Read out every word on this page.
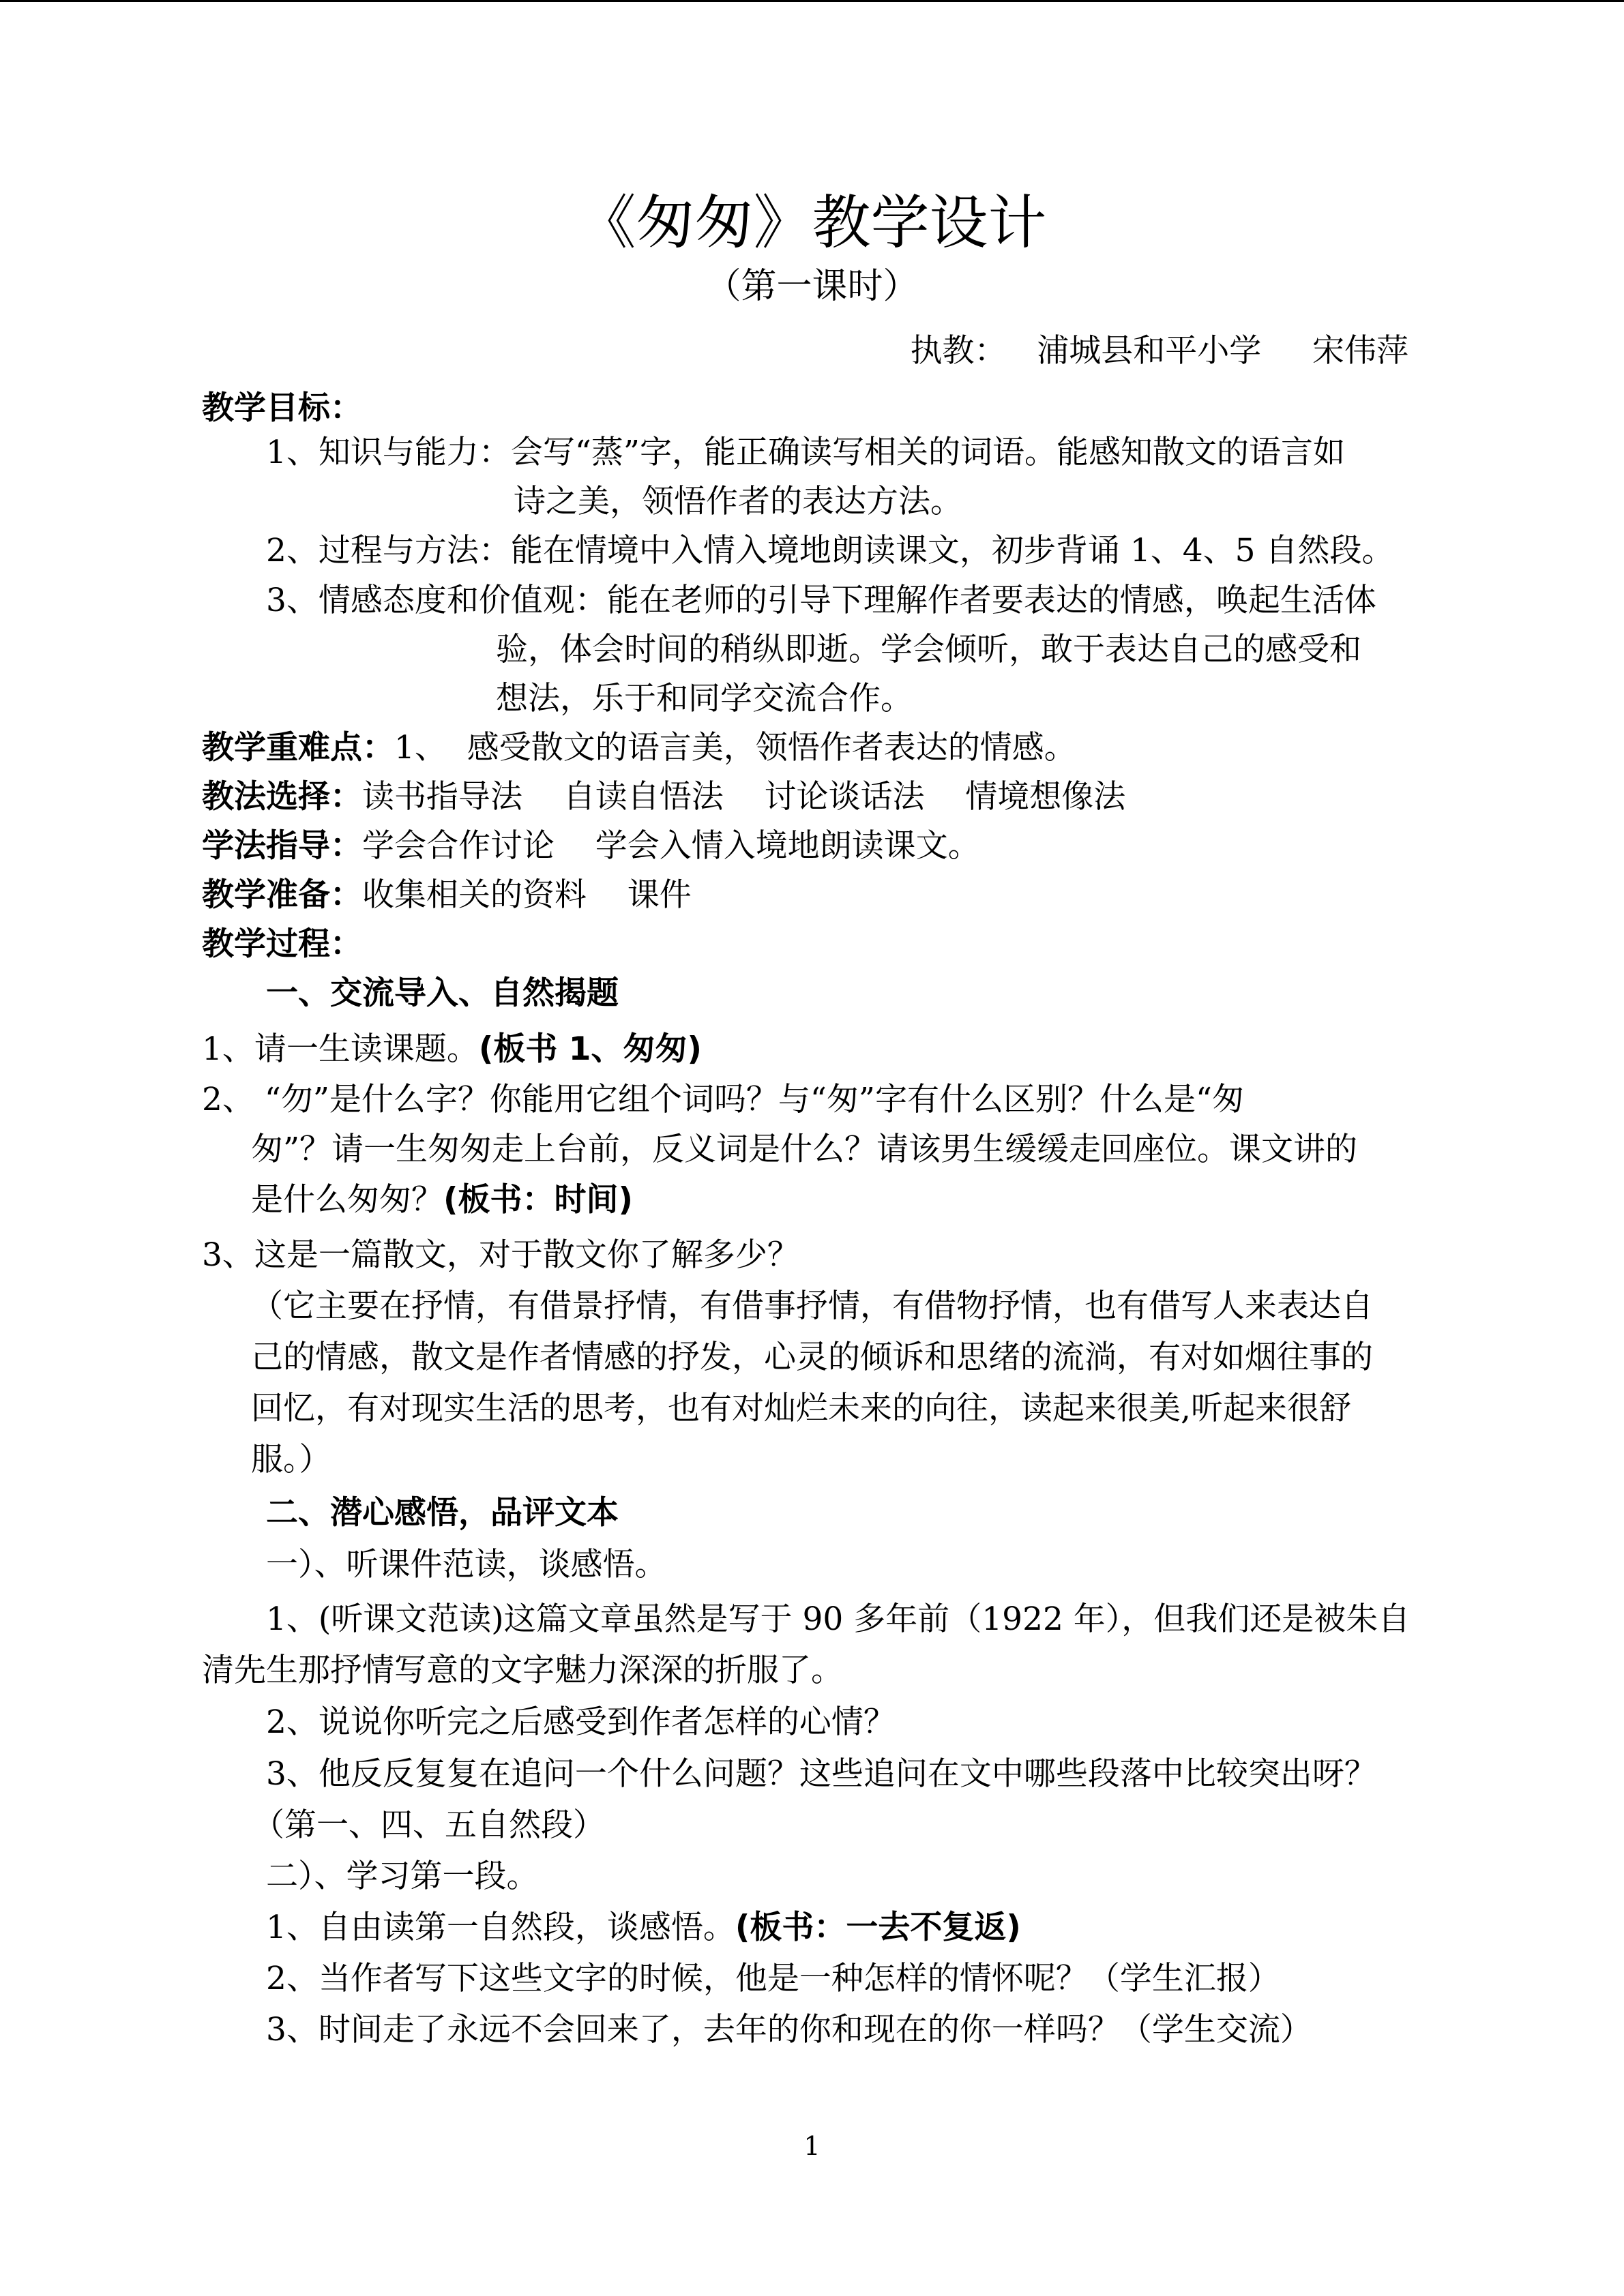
《匆匆》教学设计
（第一课时）
执教：   浦城县和平小学     宋伟萍
教学目标：
1、知识与能力：会写“蒸”字，能正确读写相关的词语。能感知散文的语言如
诗之美，领悟作者的表达方法。
2、过程与方法：能在情境中入情入境地朗读课文，初步背诵 1、4、5 自然段。
3、情感态度和价值观：能在老师的引导下理解作者要表达的情感，唤起生活体
验，体会时间的稍纵即逝。学会倾听，敢于表达自己的感受和
想法，乐于和同学交流合作。
教学重难点：1、  感受散文的语言美，领悟作者表达的情感。
教法选择：读书指导法    自读自悟法    讨论谈话法    情境想像法
学法指导：学会合作讨论    学会入情入境地朗读课文。
教学准备：收集相关的资料    课件
教学过程：
一、交流导入、自然揭题
1、请一生读课题。(板书 1、匆匆)
2、 “勿”是什么字？你能用它组个词吗？与“匆”字有什么区别？什么是“匆
匆”？请一生匆匆走上台前，反义词是什么？请该男生缓缓走回座位。课文讲的
是什么匆匆？(板书：时间)
3、这是一篇散文，对于散文你了解多少？
（它主要在抒情，有借景抒情，有借事抒情，有借物抒情，也有借写人来表达自
己的情感，散文是作者情感的抒发，心灵的倾诉和思绪的流淌，有对如烟往事的
回忆，有对现实生活的思考，也有对灿烂未来的向往，读起来很美,听起来很舒
服。）
二、潜心感悟，品评文本
一）、听课件范读，谈感悟。
1、(听课文范读)这篇文章虽然是写于 90 多年前（1922 年），但我们还是被朱自
清先生那抒情写意的文字魅力深深的折服了。
2、说说你听完之后感受到作者怎样的心情？
3、他反反复复在追问一个什么问题？这些追问在文中哪些段落中比较突出呀？
（第一、四、五自然段）
二）、学习第一段。
1、自由读第一自然段，谈感悟。(板书：一去不复返)
2、当作者写下这些文字的时候，他是一种怎样的情怀呢？（学生汇报）
3、时间走了永远不会回来了，去年的你和现在的你一样吗？（学生交流）
1
